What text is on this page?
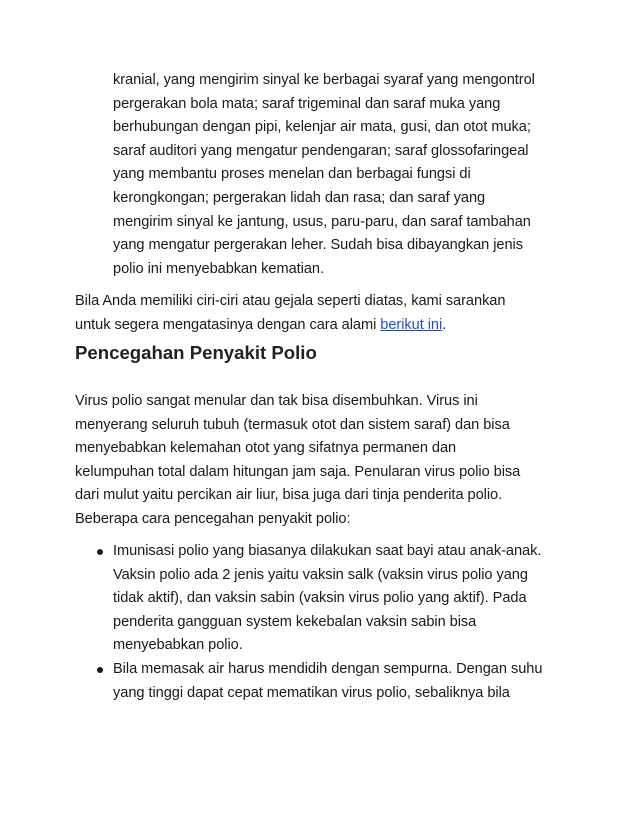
kranial, yang mengirim sinyal ke berbagai syaraf yang mengontrol
pergerakan bola mata; saraf trigeminal dan saraf muka yang
berhubungan dengan pipi, kelenjar air mata, gusi, dan otot muka;
saraf auditori yang mengatur pendengaran; saraf glossofaringeal
yang membantu proses menelan dan berbagai fungsi di
kerongkongan; pergerakan lidah dan rasa; dan saraf yang
mengirim sinyal ke jantung, usus, paru-paru, dan saraf tambahan
yang mengatur pergerakan leher. Sudah bisa dibayangkan jenis
polio ini menyebabkan kematian.
Bila Anda memiliki ciri-ciri atau gejala seperti diatas, kami sarankan
untuk segera mengatasinya dengan cara alami berikut ini.
Pencegahan Penyakit Polio
Virus polio sangat menular dan tak bisa disembuhkan. Virus ini
menyerang seluruh tubuh (termasuk otot dan sistem saraf) dan bisa
menyebabkan kelemahan otot yang sifatnya permanen dan
kelumpuhan total dalam hitungan jam saja. Penularan virus polio bisa
dari mulut yaitu percikan air liur, bisa juga dari tinja penderita polio.
Beberapa cara pencegahan penyakit polio:
Imunisasi polio yang biasanya dilakukan saat bayi atau anak-anak.
Vaksin polio ada 2 jenis yaitu vaksin salk (vaksin virus polio yang
tidak aktif), dan vaksin sabin (vaksin virus polio yang aktif). Pada
penderita gangguan system kekebalan vaksin sabin bisa
menyebabkan polio.
Bila memasak air harus mendidih dengan sempurna. Dengan suhu
yang tinggi dapat cepat mematikan virus polio, sebaliknya bila
